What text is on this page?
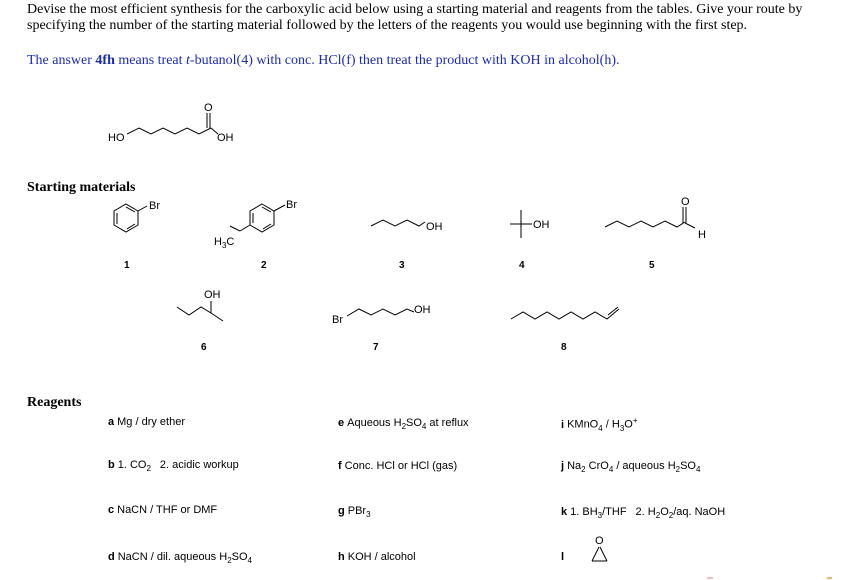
Devise the most efficient synthesis for the carboxylic acid below using a starting material and reagents from the tables. Give your route by specifying the number of the starting material followed by the letters of the reagents you would use beginning with the first step.
The answer 4fh means treat t-butanol(4) with conc. HCl(f) then treat the product with KOH in alcohol(h).
HO
O
OH
Starting materials
Br
1
Br
$H_3C$
2
OH
3
OH
4
O
H
5
OH
6
Br
OH
7	8
Reagents
a Mg / dry ether
b 1. $CO_2$ 2. acidic workup
c NaCN / THF or DMF
d NaCN / dil. aqueous $H_2SO_4$
e Aqueous $H_2SO_4$ at reflux
f Conc. HCl or HCl (gas)
g PBr$_3$
h KOH / alcohol
i KMnO$_4$ / $H_3O^+$
j $Na_2$ CrO$_4$ / aqueous $H_2SO_4$
k 1. $BH_3$/THF 2. $H_2O_2/aq$. NaOH
l
O
